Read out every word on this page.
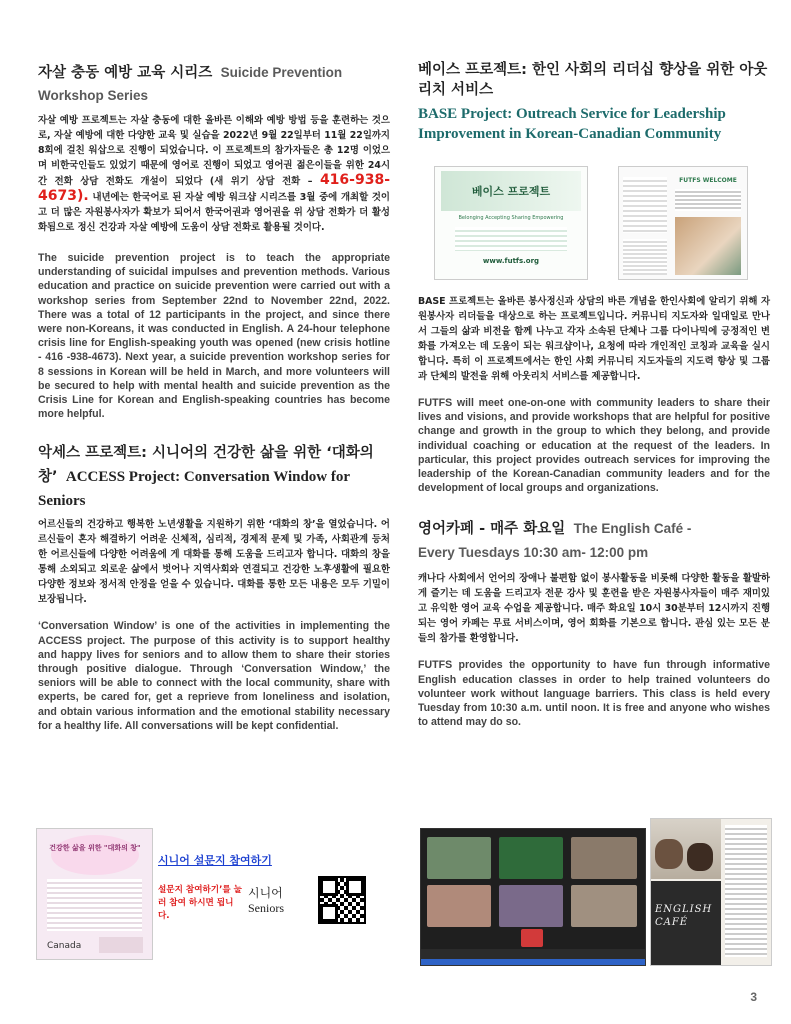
자살 충동 예방 교육 시리즈 Suicide Prevention Workshop Series

자살 예방 프로젝트는 자살 충동에 대한 올바른 이해와 예방 방법 등을 훈련하는 것으로, 자살 예방에 대한 다양한 교육 및 실습을 2022년 9월 22일부터 11월 22일까지 8회에 걸친 워삽으로 진행이 되었습니다. 이 프로젝트의 참가자들은 총 12명 이었으며 비한국인들도 있었기 때문에 영어로 진행이 되었고 영어권 젊은이들을 위한 24시간 전화 상담 전화도 개설이 되었다 (새 위기 상담 전화 – 416-938-4673). 내년에는 한국어로 된 자살 예방 워크샵 시리즈를 3월 중에 개최할 것이고 더 많은 자원봉사자가 확보가 되어서 한국어권과 영어권을 위 상담 전화가 더 활성화됨으로 정신 건강과 자살 예방에 도움이 상담 전화로 활용될 것이다.

The suicide prevention project is to teach the appropriate understanding of suicidal impulses and prevention methods. Various education and practice on suicide prevention were carried out with a workshop series from September 22nd to November 22nd, 2022. There was a total of 12 participants in the project, and since there were non-Koreans, it was conducted in English. A 24-hour telephone crisis line for English-speaking youth was opened (new crisis hotline - 416 -938-4673). Next year, a suicide prevention workshop series for 8 sessions in Korean will be held in March, and more volunteers will be secured to help with mental health and suicide prevention as the Crisis Line for Korean and English-speaking countries has become more helpful.

악세스 프로젝트: 시니어의 건강한 삶을 위한 ‘대화의 창’ ACCESS Project: Conversation Window for Seniors

어르신들의 건강하고 행복한 노년생활을 지원하기 위한 ‘대화의 창’을 열었습니다. 어르신들이 혼자 해결하기 어려운 신체적, 심리적, 경제적 문제 및 가족, 사회관계 등처한 어르신들에 다양한 어려움에 게 대화를 통해 도움을 드리고자 합니다. 대화의 창을 통해 소외되고 외로운 삶에서 벗어나 지역사회와 연결되고 건강한 노후생활에 필요한 다양한 정보와 정서적 안정을 얻을 수 있습니다. 대화를 통한 모든 내용은 모두 기밀이 보장됩니다.

‘Conversation Window’ is one of the activities in implementing the ACCESS project. The purpose of this activity is to support healthy and happy lives for seniors and to allow them to share their stories through positive dialogue. Through ‘Conversation Window,’ the seniors will be able to connect with the local community, share with experts, be cared for, get a reprieve from loneliness and isolation, and obtain various information and the emotional stability necessary for a healthy life. All conversations will be kept confidential.

건강한 삶을 위한 "대화의 창"
Canada
시니어 설문지 참여하기
설문지 참여하기’를 눌러 참여 하시면 됩니다.
시니어
Seniors
베이스 프로젝트: 한인 사회의 리더십 향상을 위한 아웃리치 서비스
BASE Project: Outreach Service for Leadership Improvement in Korean-Canadian Community
베이스 프로젝트
Belonging Accepting Sharing Empowering
www.futfs.org
FUTFS WELCOME

BASE 프로젝트는 올바른 봉사정신과 상담의 바른 개념을 한인사회에 알리기 위해 자원봉사자 리더들을 대상으로 하는 프로젝트입니다. 커뮤니티 지도자와 일대일로 만나서 그들의 삶과 비전을 함께 나누고 각자 소속된 단체나 그룹 다이나믹에 긍정적인 변화를 가져오는 데 도움이 되는 워크샵이나, 요청에 따라 개인적인 코칭과 교육을 실시합니다. 특히 이 프로젝트에서는 한인 사회 커뮤니티 지도자들의 지도력 향상 및 그룹과 단체의 발전을 위해 아웃리치 서비스를 제공합니다.

FUTFS will meet one-on-one with community leaders to share their lives and visions, and provide workshops that are helpful for positive change and growth in the group to which they belong, and provide individual coaching or education at the request of the leaders. In particular, this project provides outreach services for improving the leadership of the Korean-Canadian community leaders and for the development of local groups and organizations.

영어카페 - 매주 화요일 The English Café -
Every Tuesdays 10:30 am- 12:00 pm

캐나다 사회에서 언어의 장애나 불편함 없이 봉사활동을 비롯해 다양한 활동을 활발하게 즐기는 데 도움을 드리고자 전문 강사 및 훈련을 받은 자원봉사자들이 매주 재미있고 유익한 영어 교육 수업을 제공합니다. 매주 화요일 10시 30분부터 12시까지 진행되는 영어 카페는 무료 서비스이며, 영어 회화를 기본으로 합니다. 관심 있는 모든 분들의 참가를 환영합니다.

FUTFS provides the opportunity to have fun through informative English education classes in order to help trained volunteers do volunteer work without language barriers. This class is held every Tuesday from 10:30 a.m. until noon. It is free and anyone who wishes to attend may do so.

ENGLISH CAFÉ
3
